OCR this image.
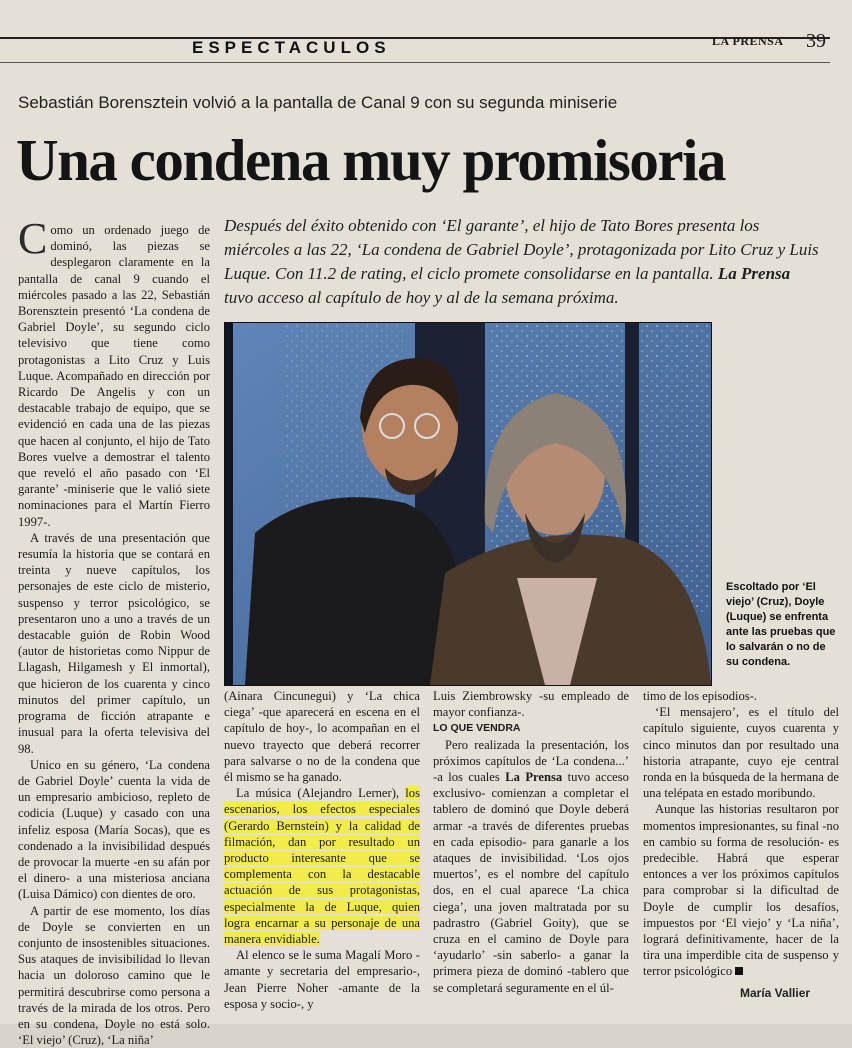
ESPECTACULOS	LA PRENSA 39
Sebastián Borensztein volvió a la pantalla de Canal 9 con su segunda miniserie
Una condena muy promisoria
Después del éxito obtenido con ‘El garante’, el hijo de Tato Bores presenta los miércoles a las 22, ‘La condena de Gabriel Doyle’, protagonizada por Lito Cruz y Luis Luque. Con 11.2 de rating, el ciclo promete consolidarse en la pantalla. La Prensa tuvo acceso al capítulo de hoy y al de la semana próxima.

Como un ordenado juego de dominó, las piezas se desplegaron claramente en la pantalla de canal 9 cuando el miércoles pasado a las 22, Sebastián Borensztein presentó ‘La condena de Gabriel Doyle’, su segundo ciclo televisivo que tiene como protagonistas a Lito Cruz y Luis Luque. Acompañado en dirección por Ricardo De Angelis y con un destacable trabajo de equipo, que se evidenció en cada una de las piezas que hacen al conjunto, el hijo de Tato Bores vuelve a demostrar el talento que reveló el año pasado con ‘El garante’ -miniserie que le valió siete nominaciones para el Martín Fierro 1997-.

A través de una presentación que resumía la historia que se contará en treinta y nueve capítulos, los personajes de este ciclo de misterio, suspenso y terror psicológico, se presentaron uno a uno a través de un destacable guión de Robin Wood (autor de historietas como Nippur de Llagash, Hilgamesh y El inmortal), que hicieron de los cuarenta y cinco minutos del primer capítulo, un programa de ficción atrapante e inusual para la oferta televisiva del 98.

Unico en su género, ‘La condena de Gabriel Doyle’ cuenta la vida de un empresario ambicioso, repleto de codicia (Luque) y casado con una infeliz esposa (María Socas), que es condenado a la invisibilidad después de provocar la muerte -en su afán por el dinero- a una misteriosa anciana (Luisa Dámico) con dientes de oro.

A partir de ese momento, los días de Doyle se convierten en un conjunto de insostenibles situaciones. Sus ataques de invisibilidad lo llevan hacia un doloroso camino que le permitirá descubrirse como persona a través de la mirada de los otros. Pero en su condena, Doyle no está solo. ‘El viejo’ (Cruz), ‘La niña’

Escoltado por ‘El viejo’ (Cruz), Doyle (Luque) se enfrenta ante las pruebas que lo salvarán o no de su condena.

(Ainara Cincunegui) y ‘La chica ciega’ -que aparecerá en escena en el capítulo de hoy-, lo acompañan en el nuevo trayecto que deberá recorrer para salvarse o no de la condena que él mismo se ha ganado.

La música (Alejandro Lerner), los escenarios, los efectos especiales (Gerardo Bernstein) y la calidad de filmación, dan por resultado un producto interesante que se complementa con la destacable actuación de sus protagonistas, especialmente la de Luque, quien logra encarnar a su personaje de una manera envidiable.

Al elenco se le suma Magalí Moro -amante y secretaria del empresario-, Jean Pierre Noher -amante de la esposa y socio-, y

Luis Ziembrowsky -su empleado de mayor confianza-.

LO QUE VENDRA

Pero realizada la presentación, los próximos capítulos de ‘La condena...’ -a los cuales La Prensa tuvo acceso exclusivo- comienzan a completar el tablero de dominó que Doyle deberá armar -a través de diferentes pruebas en cada episodio- para ganarle a los ataques de invisibilidad. ‘Los ojos muertos’, es el nombre del capítulo dos, en el cual aparece ‘La chica ciega’, una joven maltratada por su padrastro (Gabriel Goity), que se cruza en el camino de Doyle para ‘ayudarlo’ -sin saberlo- a ganar la primera pieza de dominó -tablero que se completará seguramente en el úl-

timo de los episodios-.

‘El mensajero’, es el título del capítulo siguiente, cuyos cuarenta y cinco minutos dan por resultado una historia atrapante, cuyo eje central ronda en la búsqueda de la hermana de una telépata en estado moribundo.

Aunque las historias resultaron por momentos impresionantes, su final -no en cambio su forma de resolución- es predecible. Habrá que esperar entonces a ver los próximos capítulos para comprobar si la dificultad de Doyle de cumplir los desafíos, impuestos por ‘El viejo’ y ‘La niña’, logrará definitivamente, hacer de la tira una imperdible cita de suspenso y terror psicológico

María Vallier
